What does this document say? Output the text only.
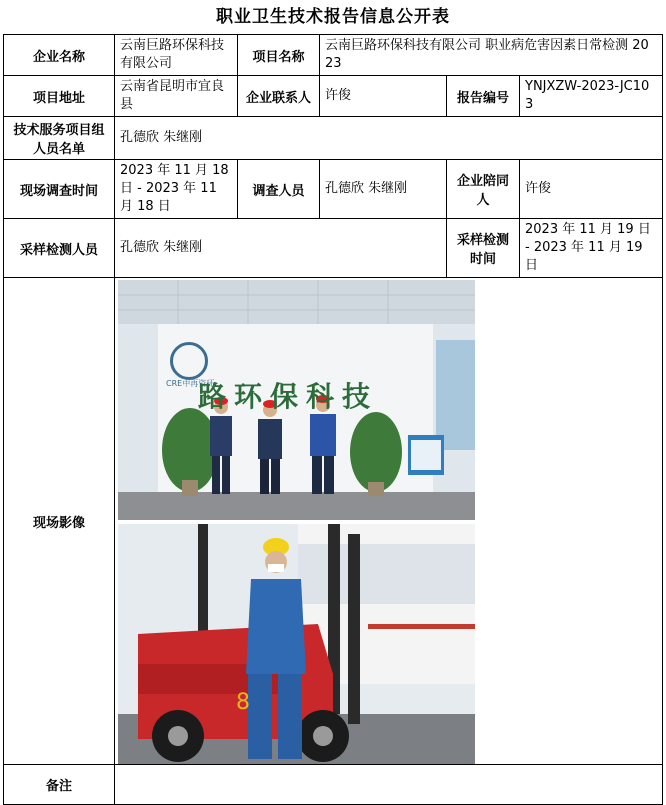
职业卫生技术报告信息公开表
企业名称	云南巨路环保科技有限公司	项目名称	云南巨路环保科技有限公司 职业病危害因素日常检测 2023		
项目地址	云南省昆明市宜良县	企业联系人	许俊	报告编号	YNJXZW-2023-JC103
技术服务项目组人员名单	孔德欣 朱继刚				
现场调查时间	2023 年 11 月 18 日 - 2023 年 11 月 18 日	调查人员	孔德欣 朱继刚	企业陪同人	许俊
采样检测人员	孔德欣 朱继刚			采样检测时间	2023 年 11 月 19 日 - 2023 年 11 月 19 日
现场影像	CRE中再资环
路环保科技
8				

备注					
